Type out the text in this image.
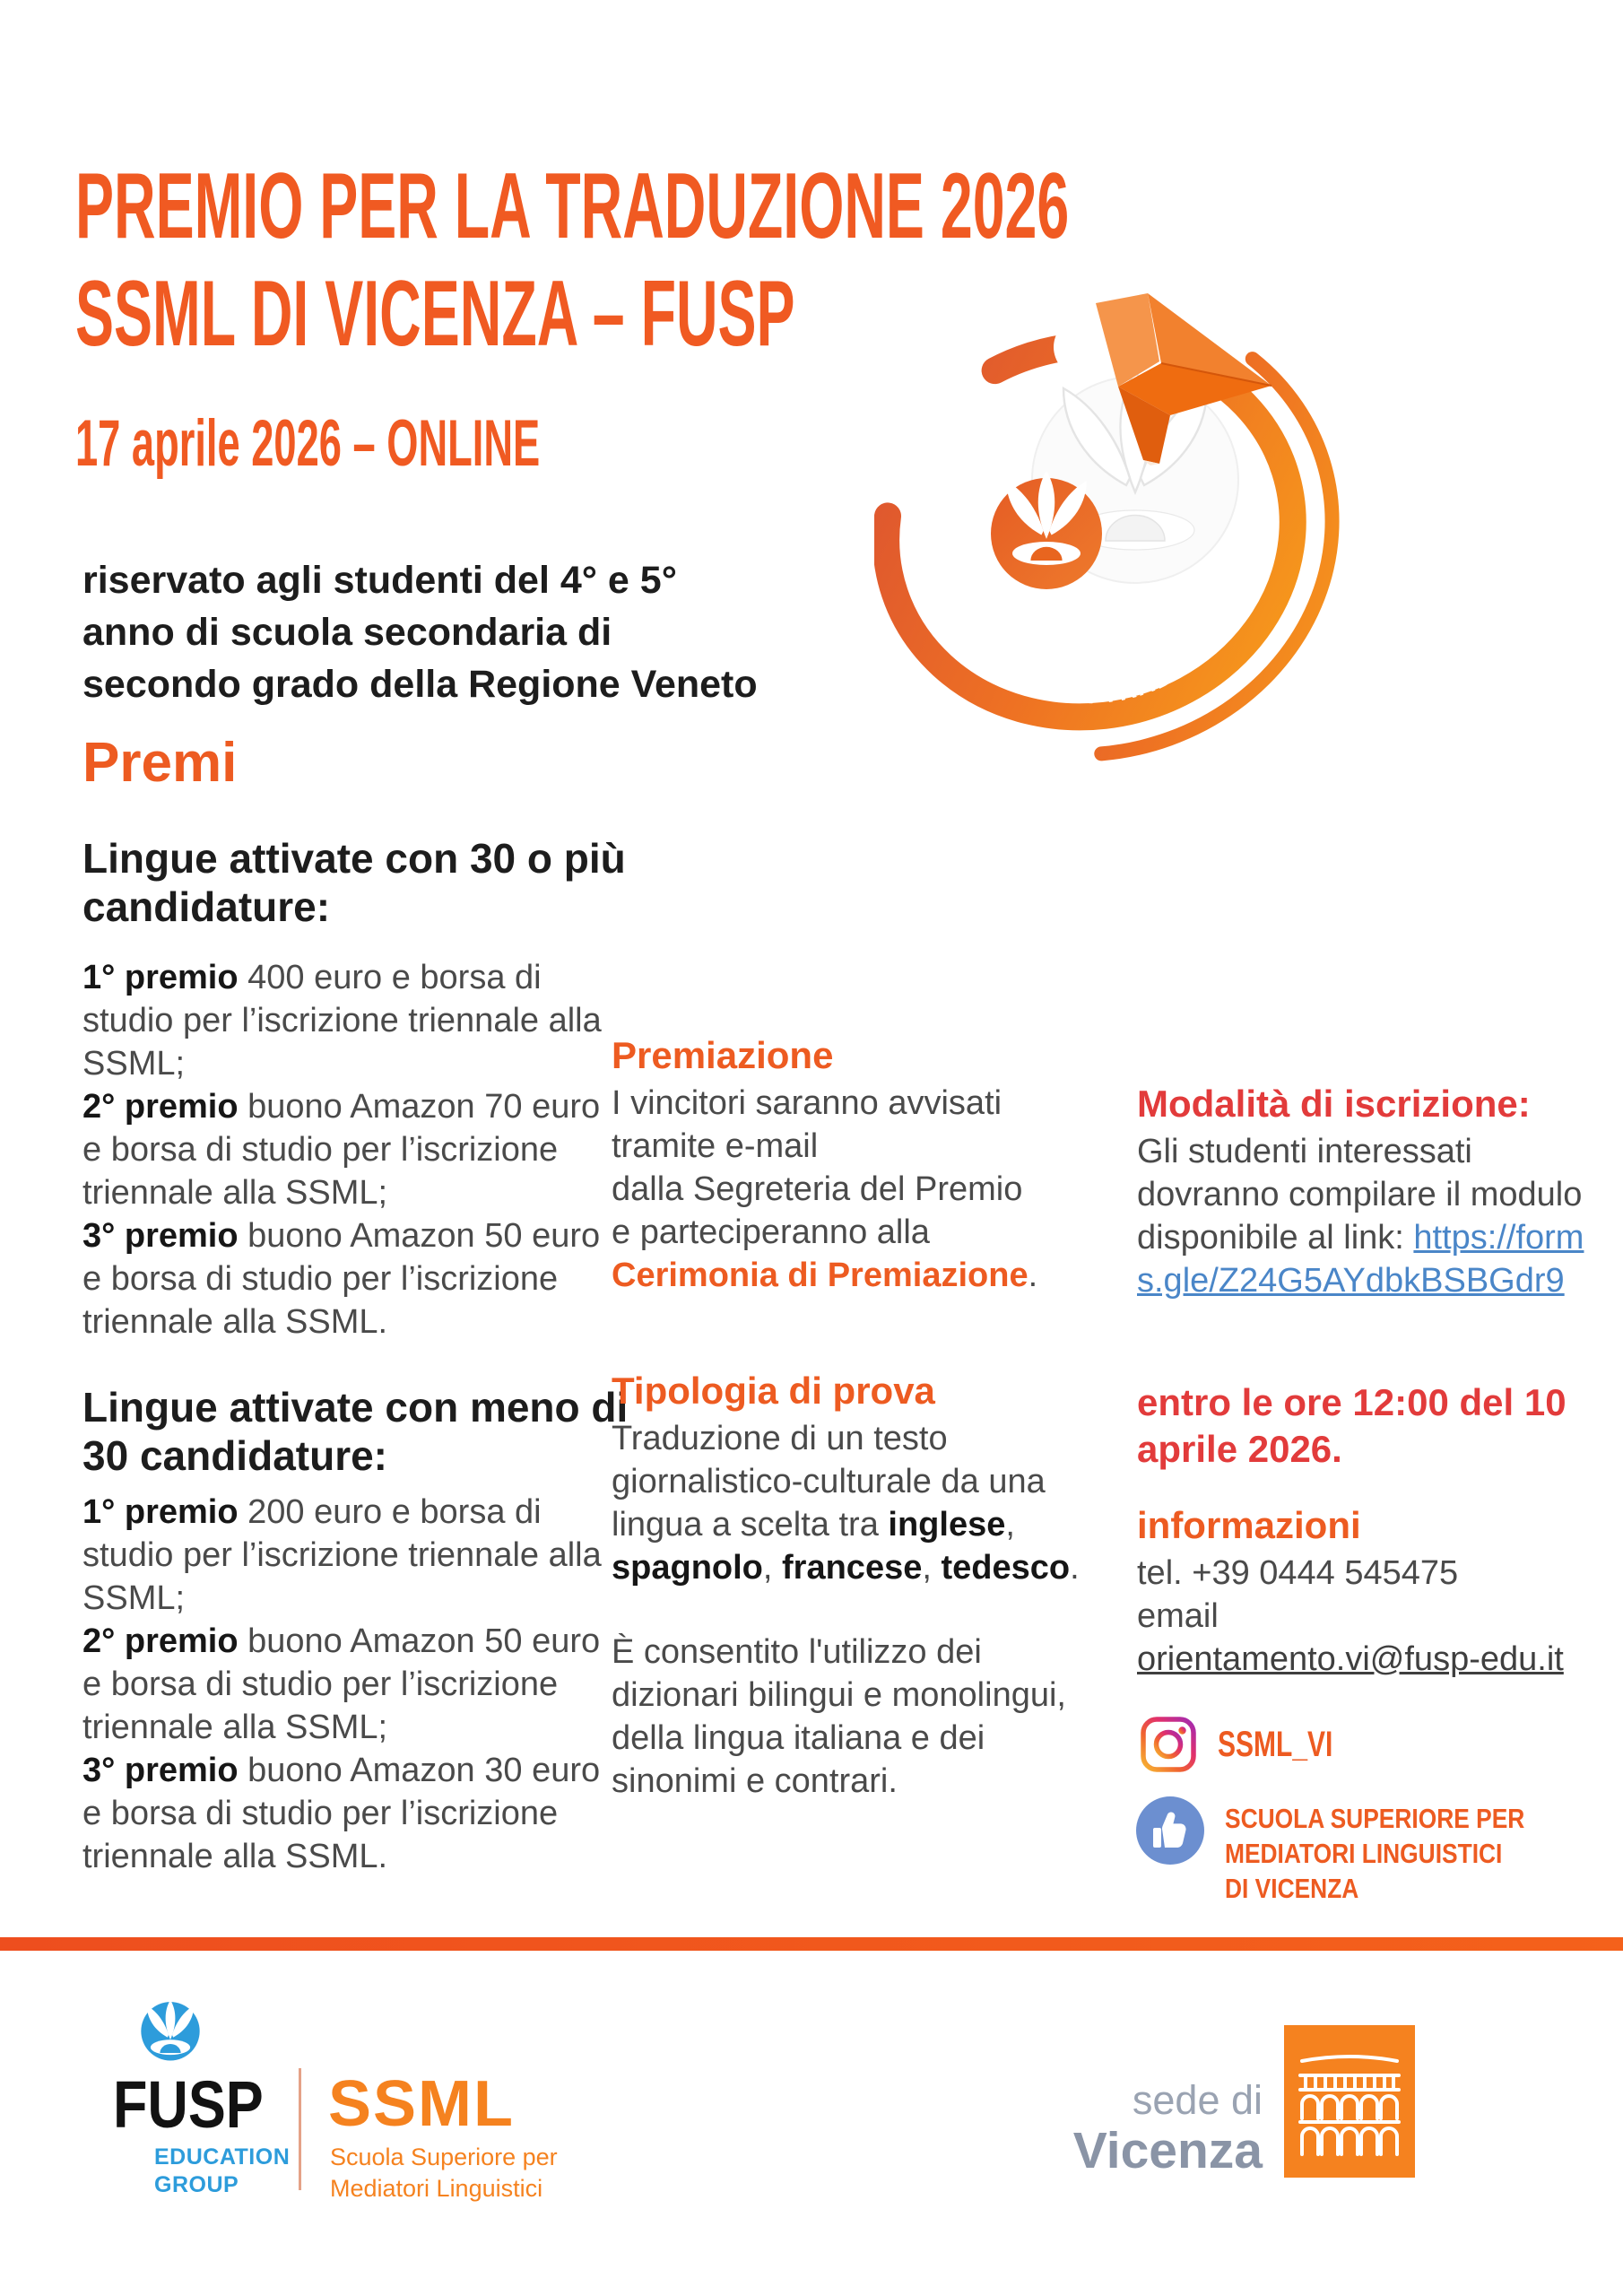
PREMIO PER LA TRADUZIONE 2026
SSML DI VICENZA – FUSP
17 aprile 2026 – ONLINE
PREMIO PER LA TRADUZIONE
riservato agli studenti del 4° e 5°
anno di scuola secondaria di
secondo grado della Regione Veneto
Premi
Lingue attivate con 30 o più
candidature:
1° premio 400 euro e borsa di studio per l’iscrizione triennale alla SSML;
2° premio buono Amazon 70 euro e borsa di studio per l’iscrizione triennale alla SSML;
3° premio buono Amazon 50 euro e borsa di studio per l’iscrizione triennale alla SSML.
Lingue attivate con meno di
30 candidature:
1° premio 200 euro e borsa di studio per l’iscrizione triennale alla SSML;
2° premio buono Amazon 50 euro e borsa di studio per l’iscrizione triennale alla SSML;
3° premio buono Amazon 30 euro e borsa di studio per l’iscrizione triennale alla SSML.
Premiazione
I vincitori saranno avvisati
tramite e-mail
dalla Segreteria del Premio
e parteciperanno alla
Cerimonia di Premiazione.
Tipologia di prova
Traduzione di un testo giornalistico-culturale da una lingua a scelta tra inglese, spagnolo, francese, tedesco.
È consentito l'utilizzo dei dizionari bilingui e monolingui, della lingua italiana e dei sinonimi e contrari.
Modalità di iscrizione:
Gli studenti interessati dovranno compilare il modulo disponibile al link: https://forms.gle/Z24G5AYdbkBSBGdr9
entro le ore 12:00 del 10
aprile 2026.
informazioni
tel. +39 0444 545475
email
orientamento.vi@fusp-edu.it
SSML_VI
SCUOLA SUPERIORE PER
MEDIATORI LINGUISTICI
DI VICENZA
FUSP
EDUCATION
GROUP
SSML
Scuola Superiore per
Mediatori Linguistici
sede di
Vicenza
